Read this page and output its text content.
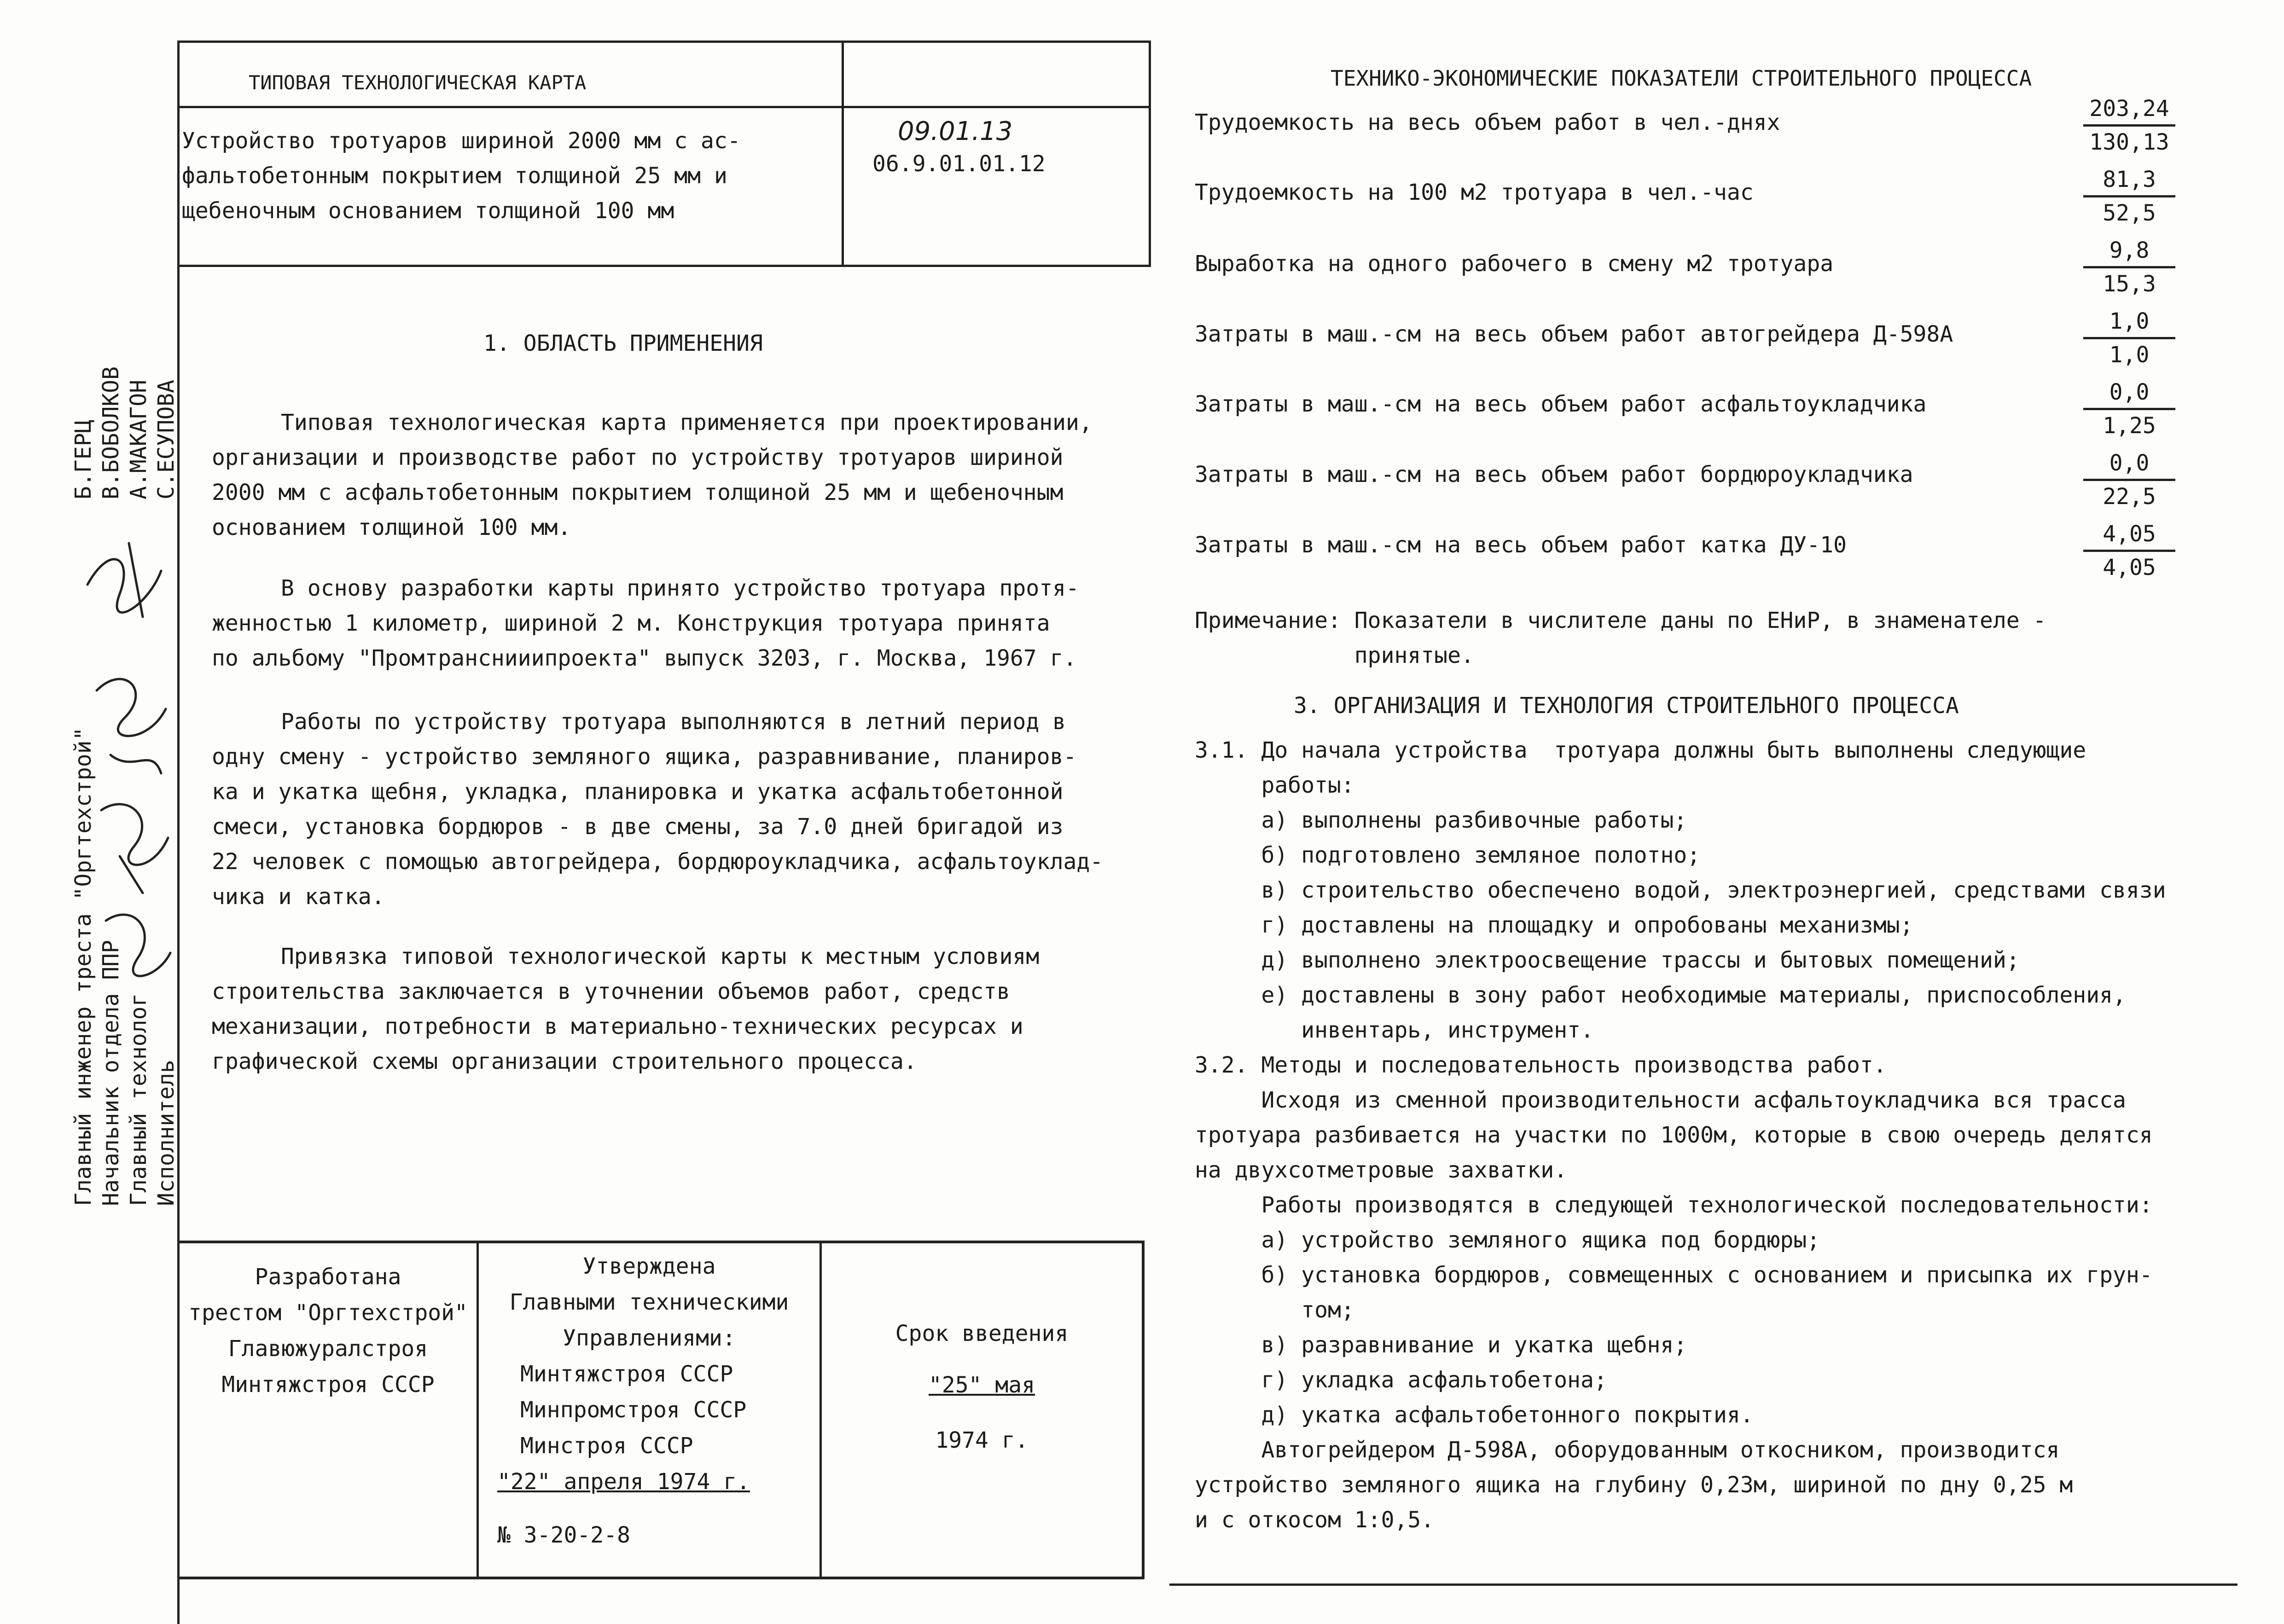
ТИПОВАЯ ТЕХНОЛОГИЧЕСКАЯ КАРТА
Устройство тротуаров шириной 2000 мм с ас-
фальтобетонным покрытием толщиной 25 мм и
щебеночным основанием толщиной 100 мм
09.01.13
06.9.01.01.12
1. ОБЛАСТЬ ПРИМЕНЕНИЯ
Типовая технологическая карта применяется при проектировании,
организации и производстве работ по устройству тротуаров шириной
2000 мм с асфальтобетонным покрытием толщиной 25 мм и щебеночным
основанием толщиной 100 мм.
В основу разработки карты принято устройство тротуара протя-
женностью 1 километр, шириной 2 м. Конструкция тротуара принята
по альбому "Промтранснииипроекта" выпуск 3203, г. Москва, 1967 г.
Работы по устройству тротуара выполняются в летний период в
одну смену - устройство земляного ящика, разравнивание, планиров-
ка и укатка щебня, укладка, планировка и укатка асфальтобетонной
смеси, установка бордюров - в две смены, за 7.0 дней бригадой из
22 человек с помощью автогрейдера, бордюроукладчика, асфальтоуклад-
чика и катка.
Привязка типовой технологической карты к местным условиям
строительства заключается в уточнении объемов работ, средств
механизации, потребности в материально-технических ресурсах и
графической схемы организации строительного процесса.
Б.ГЕРЦ В.БОБОЛКОВ А.МАКАГОН С.ЕСУПОВА
Главный инженер треста "Оргтехстрой" Начальник отдела ППР Главный технолог Исполнитель
Разработана
трестом "Оргтехстрой"
Главюжуралстроя
Минтяжстроя СССР
Утверждена
Главными техническими
Управлениями:
Минтяжстроя СССР
Минпромстроя СССР
Минстроя СССР
"22" апреля 1974 г.
№ 3-20-2-8
Срок введения
"25" мая
1974 г.
ТЕХНИКО-ЭКОНОМИЧЕСКИЕ ПОКАЗАТЕЛИ СТРОИТЕЛЬНОГО ПРОЦЕССА
Трудоемкость на весь объем работ в чел.-днях
Трудоемкость на 100 м2 тротуара в чел.-час
Выработка на одного рабочего в смену м2 тротуара
Затраты в маш.-см на весь объем работ автогрейдера Д-598А
Затраты в маш.-см на весь объем работ асфальтоукладчика
Затраты в маш.-см на весь объем работ бордюроукладчика
Затраты в маш.-см на весь объем работ катка ДУ-10
$\frac{203,24}{130,13}$
$\frac{81,3}{52,5}$
$\frac{9,8}{15,3}$
$\frac{1,0}{1,0}$
$\frac{0,0}{1,25}$
$\frac{0,0}{22,5}$
$\frac{4,05}{4,05}$
Примечание: Показатели в числителе даны по ЕНиР, в знаменателе -
принятые.
3. ОРГАНИЗАЦИЯ И ТЕХНОЛОГИЯ СТРОИТЕЛЬНОГО ПРОЦЕССА
3.1. До начала устройства  тротуара должны быть выполнены следующие
работы:
а) выполнены разбивочные работы;
б) подготовлено земляное полотно;
в) строительство обеспечено водой, электроэнергией, средствами связи
г) доставлены на площадку и опробованы механизмы;
д) выполнено электроосвещение трассы и бытовых помещений;
е) доставлены в зону работ необходимые материалы, приспособления,
инвентарь, инструмент.
3.2. Методы и последовательность производства работ.
Исходя из сменной производительности асфальтоукладчика вся трасса
тротуара разбивается на участки по 1000м, которые в свою очередь делятся
на двухсотметровые захватки.
Работы производятся в следующей технологической последовательности:
а) устройство земляного ящика под бордюры;
б) установка бордюров, совмещенных с основанием и присыпка их грун-
том;
в) разравнивание и укатка щебня;
г) укладка асфальтобетона;
д) укатка асфальтобетонного покрытия.
Автогрейдером Д-598А, оборудованным откосником, производится
устройство земляного ящика на глубину 0,23м, шириной по дну 0,25 м
и с откосом 1:0,5.
